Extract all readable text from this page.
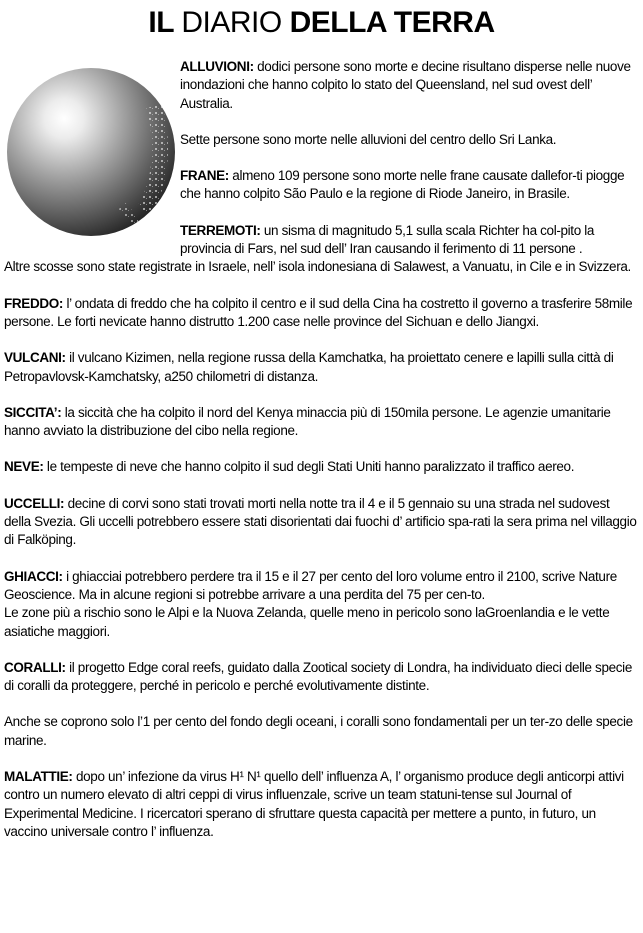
IL DIARIO DELLA TERRA

ALLUVIONI: dodici persone sono morte e decine risultano disperse nelle nuove inondazioni che hanno colpito lo stato del Queensland, nel sud ovest dell’ Australia.

Sette persone sono morte nelle alluvioni del centro dello Sri Lanka.

FRANE: almeno 109 persone sono morte nelle frane causate dallefor-ti piogge che hanno colpito São Paulo e la regione di Riode Janeiro, in Brasile.

TERREMOTI: un sisma di magnitudo 5,1 sulla scala Richter ha col-pito la provincia di Fars, nel sud dell’ Iran causando il ferimento di 11 persone .

Altre scosse sono state registrate in Israele, nell’ isola indonesiana di Salawest, a Vanuatu, in Cile e in Svizzera.

FREDDO: l’ ondata di freddo che ha colpito il centro e il sud della Cina ha costretto il governo a trasferire 58mile persone. Le forti nevicate hanno distrutto 1.200 case nelle province del Sichuan e dello Jiangxi.

VULCANI: il vulcano Kizimen, nella regione russa della Kamchatka, ha proiettato cenere e lapilli sulla città di Petropavlovsk-Kamchatsky, a250 chilometri di distanza.

SICCITA’: la siccità che ha colpito il nord del Kenya minaccia più di 150mila persone. Le agenzie umanitarie hanno avviato la distribuzione del cibo nella regione.

NEVE: le tempeste di neve che hanno colpito il sud degli Stati Uniti hanno paralizzato il traffico aereo.

UCCELLI: decine di corvi sono stati trovati morti nella notte tra il 4 e il 5 gennaio su una strada nel sudovest della Svezia. Gli uccelli potrebbero essere stati disorientati dai fuochi d’ artificio spa-rati la sera prima nel villaggio di Falköping.

GHIACCI: i ghiacciai potrebbero perdere tra il 15 e il 27 per cento del loro volume entro il 2100, scrive Nature Geoscience. Ma in alcune regioni si potrebbe arrivare a una perdita del 75 per cen-to.

Le zone più a rischio sono le Alpi e la Nuova Zelanda, quelle meno in pericolo sono laGroenlandia e le vette asiatiche maggiori.

CORALLI: il progetto Edge coral reefs, guidato dalla Zootical society di Londra, ha individuato dieci delle specie di coralli da proteggere, perché in pericolo e perché evolutivamente distinte.

Anche se coprono solo l’1 per cento del fondo degli oceani, i coralli sono fondamentali per un ter-zo delle specie marine.

MALATTIE: dopo un’ infezione da virus H¹ N¹ quello dell’ influenza A, l’ organismo produce degli anticorpi attivi contro un numero elevato di altri ceppi di virus influenzale, scrive un team statuni-tense sul Journal of Experimental Medicine. I ricercatori sperano di sfruttare questa capacità per mettere a punto, in futuro, un vaccino universale contro l’ influenza.
